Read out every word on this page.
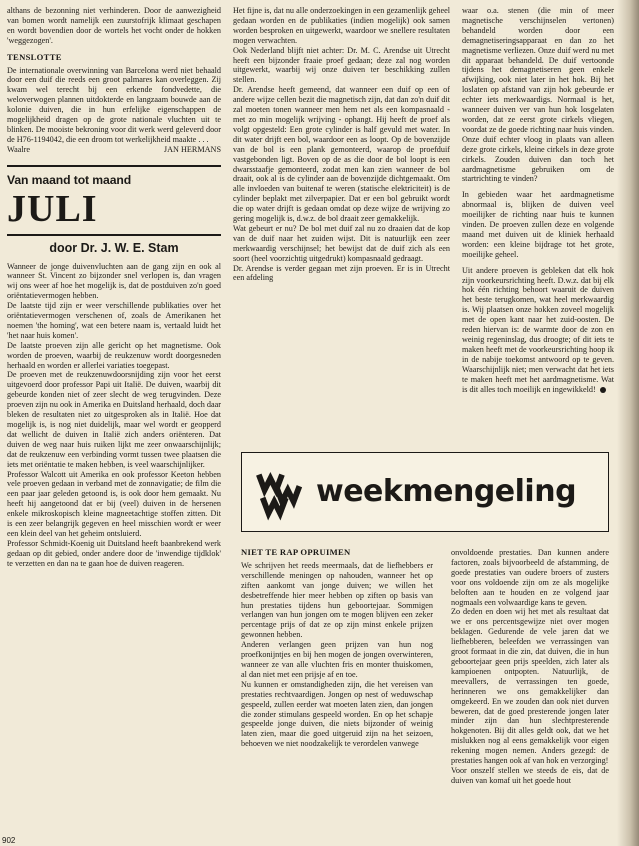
althans de bezonning niet verhinderen. Door de aanwezigheid van bomen wordt namelijk een zuurstofrijk klimaat geschapen en wordt bovendien door de wortels het vocht onder de hokken 'weggezogen'.

TENSLOTTE

De internationale overwinning van Barcelona werd niet behaald door een duif die reeds een groot palmares kan overleggen. Zij kwam wel terecht bij een erkende fondvedette, die weloverwogen plannen uitdokterde en langzaam bouwde aan de kolonie duiven, die in hun erfelijke eigenschappen de mogelijkheid dragen op de grote nationale vluchten uit te blinken. De mooiste bekroning voor dit werk werd geleverd door de H76-1194042, die een droom tot werkelijkheid maakte . . .

Waalre	JAN HERMANS

Van maand tot maand
JULI
door Dr. J. W. E. Stam

Wanneer de jonge duivenvluchten aan de gang zijn en ook al wanneer St. Vincent zo bijzonder snel verlopen is, dan vragen wij ons weer af hoe het mogelijk is, dat de postduiven zo'n goed oriëntatievermogen hebben.

De laatste tijd zijn er weer verschillende publikaties over het oriëntatievermogen verschenen of, zoals de Amerikanen het noemen 'the homing', wat een betere naam is, vertaald luidt het 'het naar huis komen'.

De laatste proeven zijn alle gericht op het magnetisme. Ook worden de proeven, waarbij de reukzenuw wordt doorgesneden herhaald en worden er allerlei variaties toegepast.

De proeven met de reukzenuwdoorsnijding zijn voor het eerst uitgevoerd door professor Papi uit Italië. De duiven, waarbij dit gebeurde konden niet of zeer slecht de weg terugvinden. Deze proeven zijn nu ook in Amerika en Duitsland herhaald, doch daar bleken de resultaten niet zo uitgesproken als in Italië. Hoe dat mogelijk is, is nog niet duidelijk, maar wel wordt er geopperd dat wellicht de duiven in Italië zich anders oriënteren. Dat duiven de weg naar huis ruiken lijkt me zeer onwaarschijnlijk; dat de reukzenuw een verbinding vormt tussen twee plaatsen die iets met oriëntatie te maken hebben, is veel waarschijnlijker.

Professor Walcott uit Amerika en ook professor Keeton hebben vele proeven gedaan in verband met de zonnavigatie; de film die een paar jaar geleden getoond is, is ook door hem gemaakt. Nu heeft hij aangetoond dat er bij (veel) duiven in de hersenen enkele mikroskopisch kleine magneetachtige stoffen zitten. Dit is een zeer belangrijk gegeven en heel misschien wordt er weer een klein deel van het geheim ontsluierd.

Professor Schmidt-Koenig uit Duitsland heeft baanbrekend werk gedaan op dit gebied, onder andere door de 'inwendige tijdklok' te verzetten en dan na te gaan hoe de duiven reageren.

Het fijne is, dat nu alle onderzoekingen in een gezamenlijk geheel gedaan worden en de publikaties (indien mogelijk) ook samen worden besproken en uitgewerkt, waardoor we snellere resultaten mogen verwachten.

Ook Nederland blijft niet achter: Dr. M. C. Arendse uit Utrecht heeft een bijzonder fraaie proef gedaan; deze zal nog worden uitgewerkt, waarbij wij onze duiven ter beschikking zullen stellen.

Dr. Arendse heeft gemeend, dat wanneer een duif op een of andere wijze cellen bezit die magnetisch zijn, dat dan zo'n duif dit zal moeten tonen wanneer men hem net als een kompasnaald - met zo min mogelijk wrijving - ophangt. Hij heeft de proef als volgt opgesteld: Een grote cylinder is half gevuld met water. In dit water drijft een bol, waardoor een as loopt. Op de bovenzijde van de bol is een plank gemonteerd, waarop de proefduif vastgebonden ligt. Boven op de as die door de bol loopt is een dwarsstaafje gemonteerd, zodat men kan zien wanneer de bol draait, ook al is de cylinder aan de bovenzijde dichtgemaakt. Om alle invloeden van buitenaf te weren (statische elektriciteit) is de cylinder beplakt met zilverpapier. Dat er een bol gebruikt wordt die op water drijft is gedaan omdat op deze wijze de wrijving zo gering mogelijk is, d.w.z. de bol draait zeer gemakkelijk.

Wat gebeurt er nu? De bol met duif zal nu zo draaien dat de kop van de duif naar het zuiden wijst. Dit is natuurlijk een zeer merkwaardig verschijnsel; het bewijst dat de duif zich als een soort (heel voorzichtig uitgedrukt) kompasnaald gedraagt.

Dr. Arendse is verder gegaan met zijn proeven. Er is in Utrecht een afdeling

waar o.a. stenen (die min of meer magnetische verschijnselen vertonen) behandeld worden door een demagnetiseringsapparaat en dan zo het magnetisme verliezen. Onze duif werd nu met dit apparaat behandeld. De duif vertoonde tijdens het demagnetiseren geen enkele afwijking, ook niet later in het hok. Bij het loslaten op afstand van zijn hok gebeurde er echter iets merkwaardigs. Normaal is het, wanneer duiven ver van hun hok losgelaten worden, dat ze eerst grote cirkels vliegen, voordat ze de goede richting naar huis vinden. Onze duif echter vloog in plaats van alleen deze grote cirkels, kleine cirkels in deze grote cirkels. Zouden duiven dan toch het aardmagnetisme gebruiken om de startrichting te vinden?

In gebieden waar het aardmagnetisme abnormaal is, blijken de duiven veel moeilijker de richting naar huis te kunnen vinden. De proeven zullen deze en volgende maand met duiven uit de kliniek herhaald worden: een kleine bijdrage tot het grote, moeilijke geheel.

Uit andere proeven is gebleken dat elk hok zijn voorkeursrichting heeft. D.w.z. dat bij elk hok één richting behoort waaruit de duiven het beste terugkomen, wat heel merkwaardig is. Wij plaatsen onze hokken zoveel mogelijk met de open kant naar het zuid-oosten. De reden hiervan is: de warmte door de zon en weinig regeninslag, dus droogte; of dit iets te maken heeft met de voorkeursrichting hoop ik in de nabije toekomst antwoord op te geven. Waarschijnlijk niet; men verwacht dat het iets te maken heeft met het aardmagnetisme. Wat is dit alles toch moeilijk en ingewikkeld!

weekmengeling

NIET TE RAP OPRUIMEN

We schrijven het reeds meermaals, dat de liefhebbers er verschillende meningen op nahouden, wanneer het op ziften aankomt van jonge duiven; we willen het desbetreffende hier meer hebben op ziften op basis van hun prestaties tijdens hun geboortejaar. Sommigen verlangen van hun jongen om te mogen blijven een zeker percentage prijs of dat ze op zijn minst enkele prijzen gewonnen hebben.

Anderen verlangen geen prijzen van hun nog proefkonijntjes en bij hen mogen de jongen overwinteren, wanneer ze van alle vluchten fris en monter thuiskomen, al dan niet met een prijsje af en toe.

Nu kunnen er omstandigheden zijn, die het vereisen van prestaties rechtvaardigen. Jongen op nest of weduwschap gespeeld, zullen eerder wat moeten laten zien, dan jongen die zonder stimulans gespeeld worden. En op het schapje gespeelde jonge duiven, die niets bijzonder of weinig laten zien, maar die goed uitgeruid zijn na het seizoen, behoeven we niet noodzakelijk te verordelen vanwege

onvoldoende prestaties. Dan kunnen andere factoren, zoals bijvoorbeeld de afstamming, de goede prestaties van oudere broers of zusters voor ons voldoende zijn om ze als mogelijke beloften aan te houden en ze volgend jaar nogmaals een volwaardige kans te geven.

Zo deden en doen wij het met als resultaat dat we er ons percentsgewijze niet over mogen beklagen. Gedurende de vele jaren dat we liefhebberen, beleefden we verrassingen van groot formaat in die zin, dat duiven, die in hun geboortejaar geen prijs speelden, zich later als kampioenen ontpopten. Natuurlijk, de meevallers, de verrassingen ten goede, herinneren we ons gemakkelijker dan omgekeerd. En we zouden dan ook niet durven beweren, dat de goed presterende jongen later minder zijn dan hun slechtpresterende hokgenoten. Bij dit alles geldt ook, dat we het mislukken nog al eens gemakkelijk voor eigen rekening mogen nemen. Anders gezegd: de prestaties hangen ook af van hok en verzorging!

Voor onszelf stellen we steeds de eis, dat de duiven van komaf uit het goede hout

902
